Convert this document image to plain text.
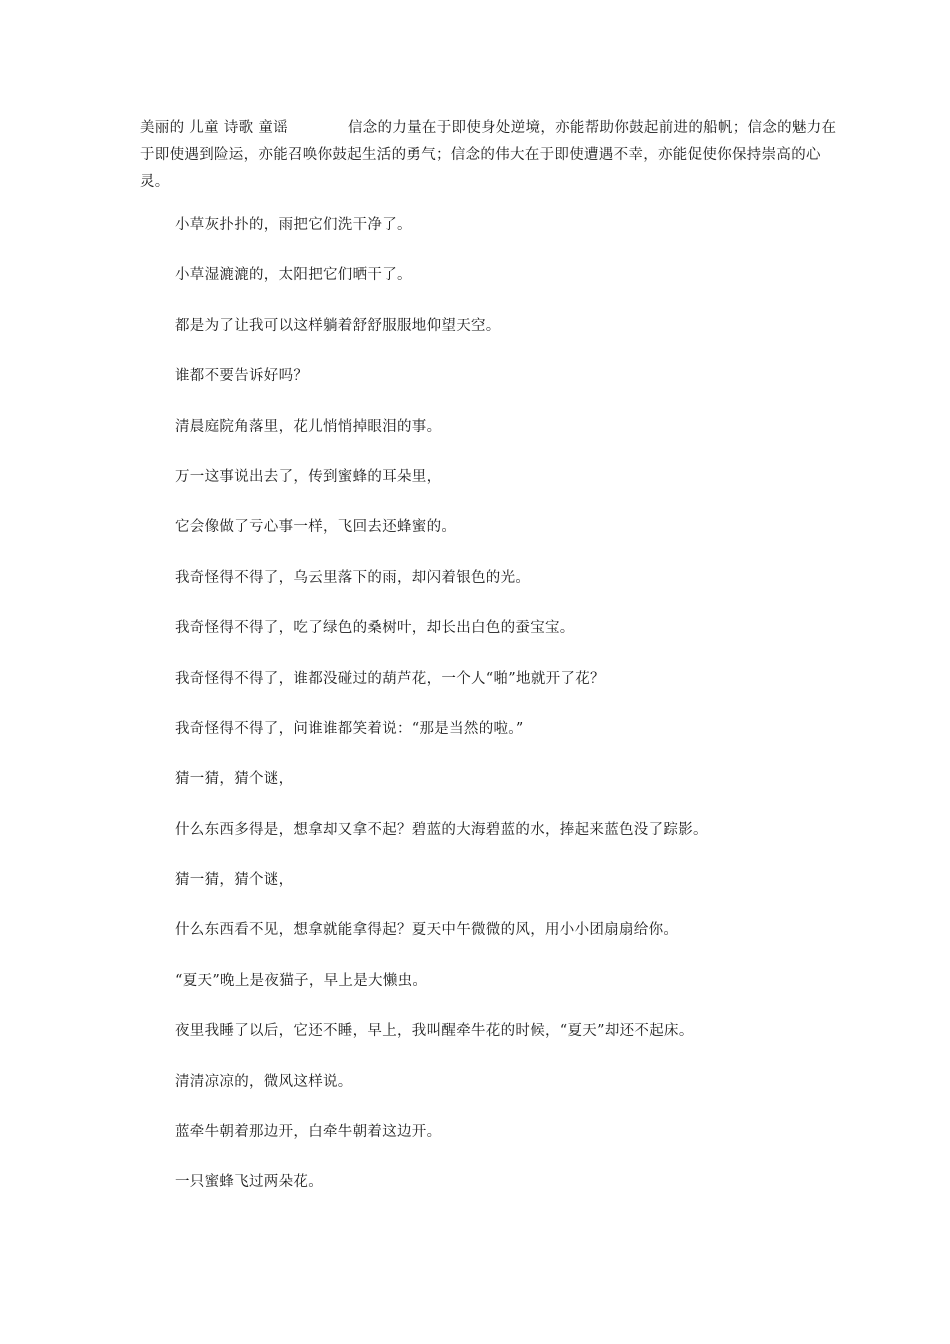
美丽的 儿童 诗歌 童谣	信念的力量在于即使身处逆境，亦能帮助你鼓起前进的船帆；信念的魅力在于即使遇到险运，亦能召唤你鼓起生活的勇气；信念的伟大在于即使遭遇不幸，亦能促使你保持崇高的心灵。

小草灰扑扑的，雨把它们洗干净了。
小草湿漉漉的，太阳把它们晒干了。
都是为了让我可以这样躺着舒舒服服地仰望天空。
谁都不要告诉好吗？
清晨庭院角落里，花儿悄悄掉眼泪的事。
万一这事说出去了，传到蜜蜂的耳朵里，
它会像做了亏心事一样，飞回去还蜂蜜的。
我奇怪得不得了，乌云里落下的雨，却闪着银色的光。
我奇怪得不得了，吃了绿色的桑树叶，却长出白色的蚕宝宝。
我奇怪得不得了，谁都没碰过的葫芦花，一个人“啪”地就开了花？
我奇怪得不得了，问谁谁都笑着说：“那是当然的啦。”
猜一猜，猜个谜，
什么东西多得是，想拿却又拿不起？碧蓝的大海碧蓝的水，捧起来蓝色没了踪影。
猜一猜，猜个谜，
什么东西看不见，想拿就能拿得起？夏天中午微微的风，用小小团扇扇给你。
“夏天”晚上是夜猫子，早上是大懒虫。
夜里我睡了以后，它还不睡，早上，我叫醒牵牛花的时候，“夏天”却还不起床。
清清凉凉的，微风这样说。
蓝牵牛朝着那边开，白牵牛朝着这边开。
一只蜜蜂飞过两朵花。
